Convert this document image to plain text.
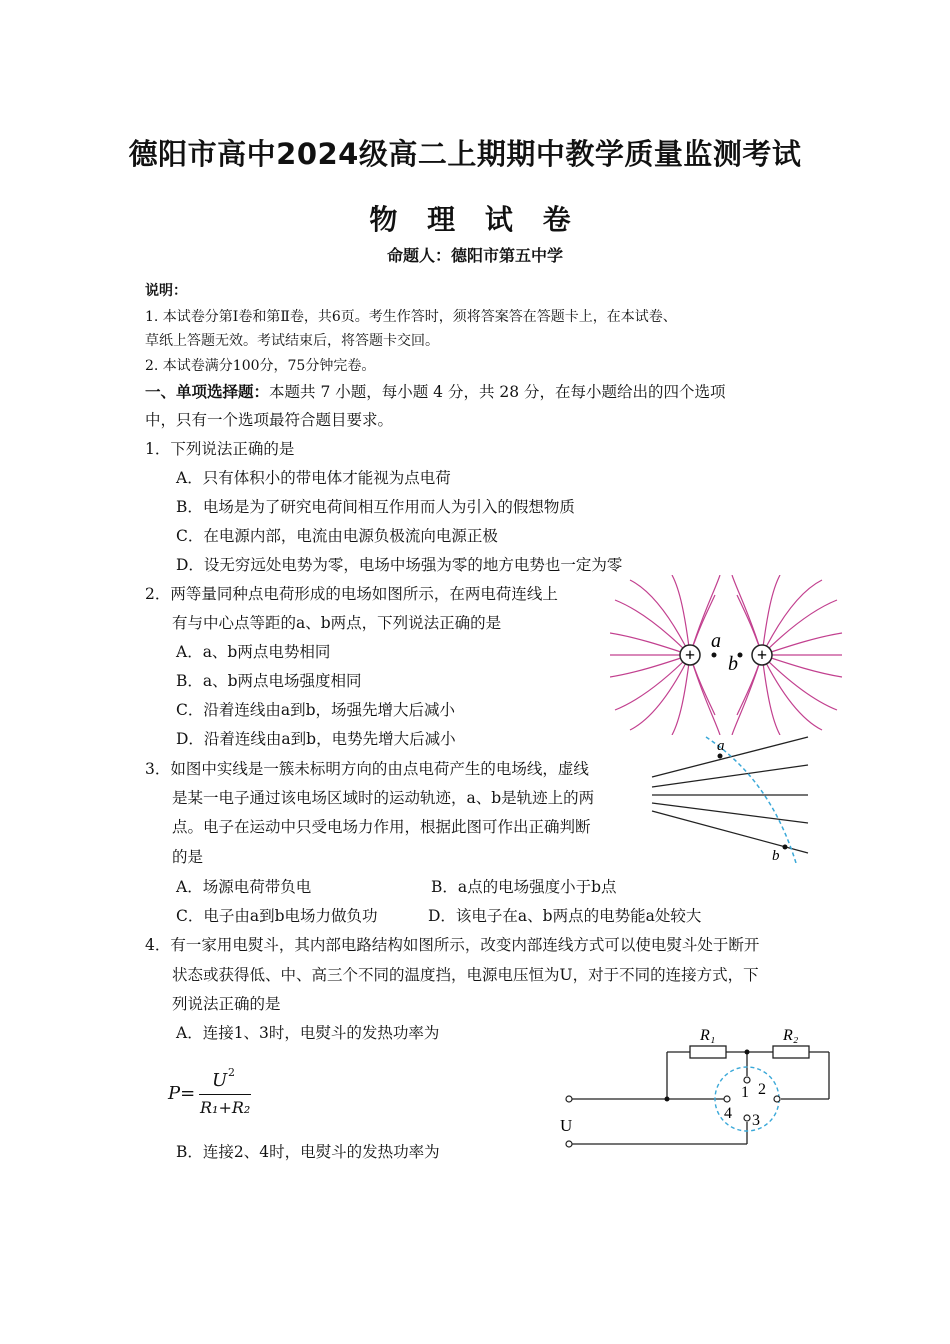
德阳市高中2024级高二上期期中教学质量监测考试
物 理 试 卷
命题人：德阳市第五中学
说明：
1. 本试卷分第Ⅰ卷和第Ⅱ卷，共6页。考生作答时，须将答案答在答题卡上，在本试卷、
草纸上答题无效。考试结束后，将答题卡交回。
2. 本试卷满分100分，75分钟完卷。
一、单项选择题：本题共 7 小题，每小题 4 分，共 28 分，在每小题给出的四个选项
中，只有一个选项最符合题目要求。
1．下列说法正确的是
A．只有体积小的带电体才能视为点电荷
B．电场是为了研究电荷间相互作用而人为引入的假想物质
C．在电源内部，电流由电源负极流向电源正极
D．设无穷远处电势为零，电场中场强为零的地方电势也一定为零
2．两等量同种点电荷形成的电场如图所示，在两电荷连线上
有与中心点等距的a、b两点，下列说法正确的是
A．a、b两点电势相同
B．a、b两点电场强度相同
C．沿着连线由a到b，场强先增大后减小
D．沿着连线由a到b，电势先增大后减小
+	+
a
b
3．如图中实线是一簇未标明方向的由点电荷产生的电场线，虚线
是某一电子通过该电场区域时的运动轨迹，a、b是轨迹上的两
点。电子在运动中只受电场力作用，根据此图可作出正确判断
的是
A．场源电荷带负电	B．a点的电场强度小于b点
C．电子由a到b电场力做负功	D．该电子在a、b两点的电势能a处较大
a
b
4．有一家用电熨斗，其内部电路结构如图所示，改变内部连线方式可以使电熨斗处于断开
状态或获得低、中、高三个不同的温度挡，电源电压恒为U，对于不同的连接方式，下
列说法正确的是
A．连接1、3时，电熨斗的发热功率为
P=
U 2
R₁+R₂
B．连接2、4时，电熨斗的发热功率为
R₁	R₂
1 2
3
4
U
